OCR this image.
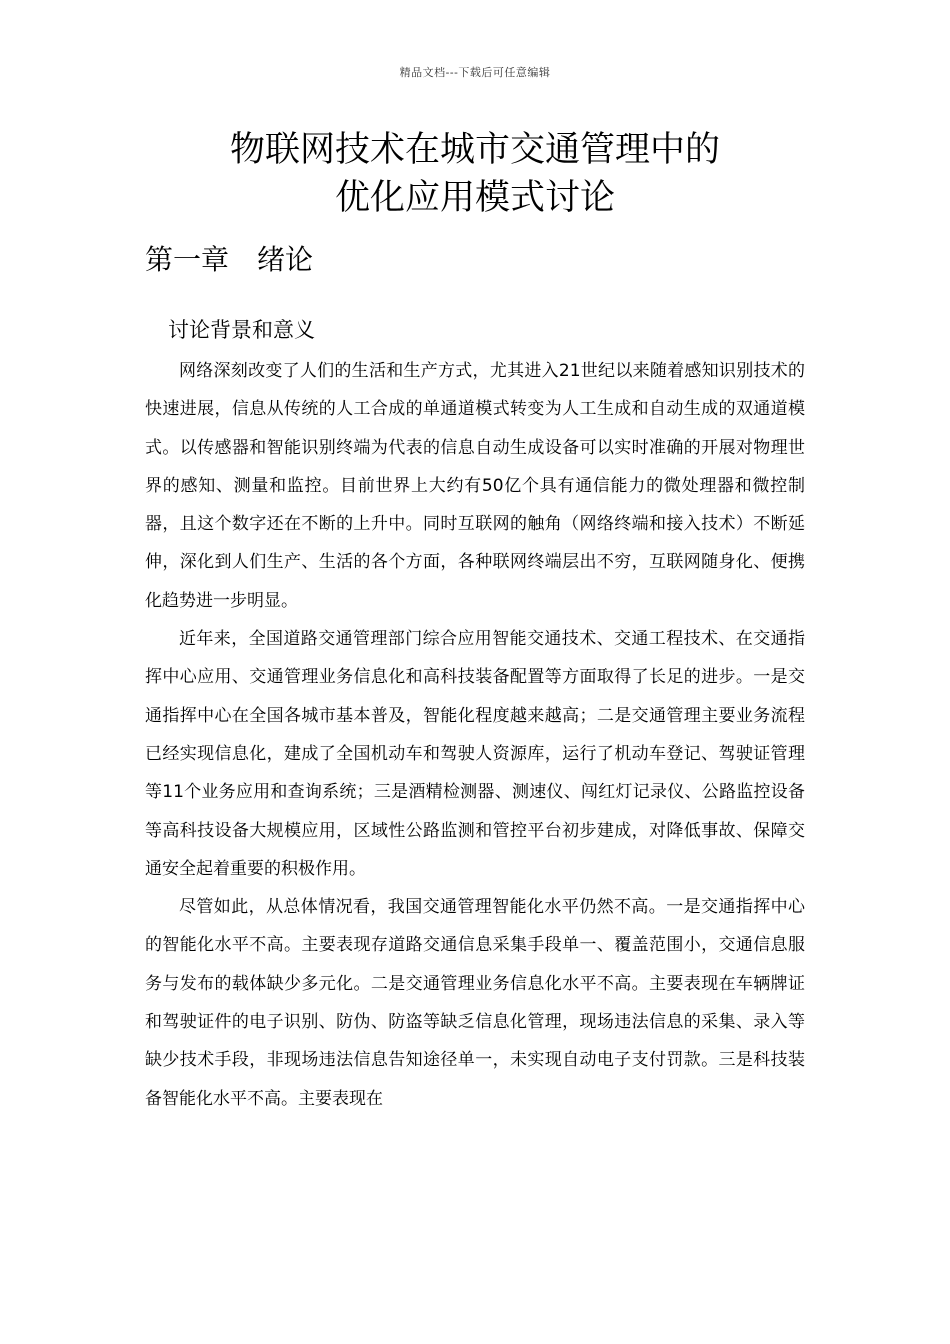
精品文档---下载后可任意编辑
物联网技术在城市交通管理中的
优化应用模式讨论
第一章　绪论
讨论背景和意义

网络深刻改变了人们的生活和生产方式，尤其进入21世纪以来随着感知识别技术的快速进展，信息从传统的人工合成的单通道模式转变为人工生成和自动生成的双通道模式。以传感器和智能识别终端为代表的信息自动生成设备可以实时准确的开展对物理世界的感知、测量和监控。目前世界上大约有50亿个具有通信能力的微处理器和微控制器，且这个数字还在不断的上升中。同时互联网的触角（网络终端和接入技术）不断延伸，深化到人们生产、生活的各个方面，各种联网终端层出不穷，互联网随身化、便携化趋势进一步明显。

近年来，全国道路交通管理部门综合应用智能交通技术、交通工程技术、在交通指挥中心应用、交通管理业务信息化和高科技装备配置等方面取得了长足的进步。一是交通指挥中心在全国各城市基本普及，智能化程度越来越高；二是交通管理主要业务流程已经实现信息化，建成了全国机动车和驾驶人资源库，运行了机动车登记、驾驶证管理等11个业务应用和查询系统；三是酒精检测器、测速仪、闯红灯记录仪、公路监控设备等高科技设备大规模应用，区域性公路监测和管控平台初步建成，对降低事故、保障交通安全起着重要的积极作用。

尽管如此，从总体情况看，我国交通管理智能化水平仍然不高。一是交通指挥中心的智能化水平不高。主要表现存道路交通信息采集手段单一、覆盖范围小，交通信息服务与发布的载体缺少多元化。二是交通管理业务信息化水平不高。主要表现在车辆牌证和驾驶证件的电子识别、防伪、防盗等缺乏信息化管理，现场违法信息的采集、录入等缺少技术手段，非现场违法信息告知途径单一，未实现自动电子支付罚款。三是科技装备智能化水平不高。主要表现在
